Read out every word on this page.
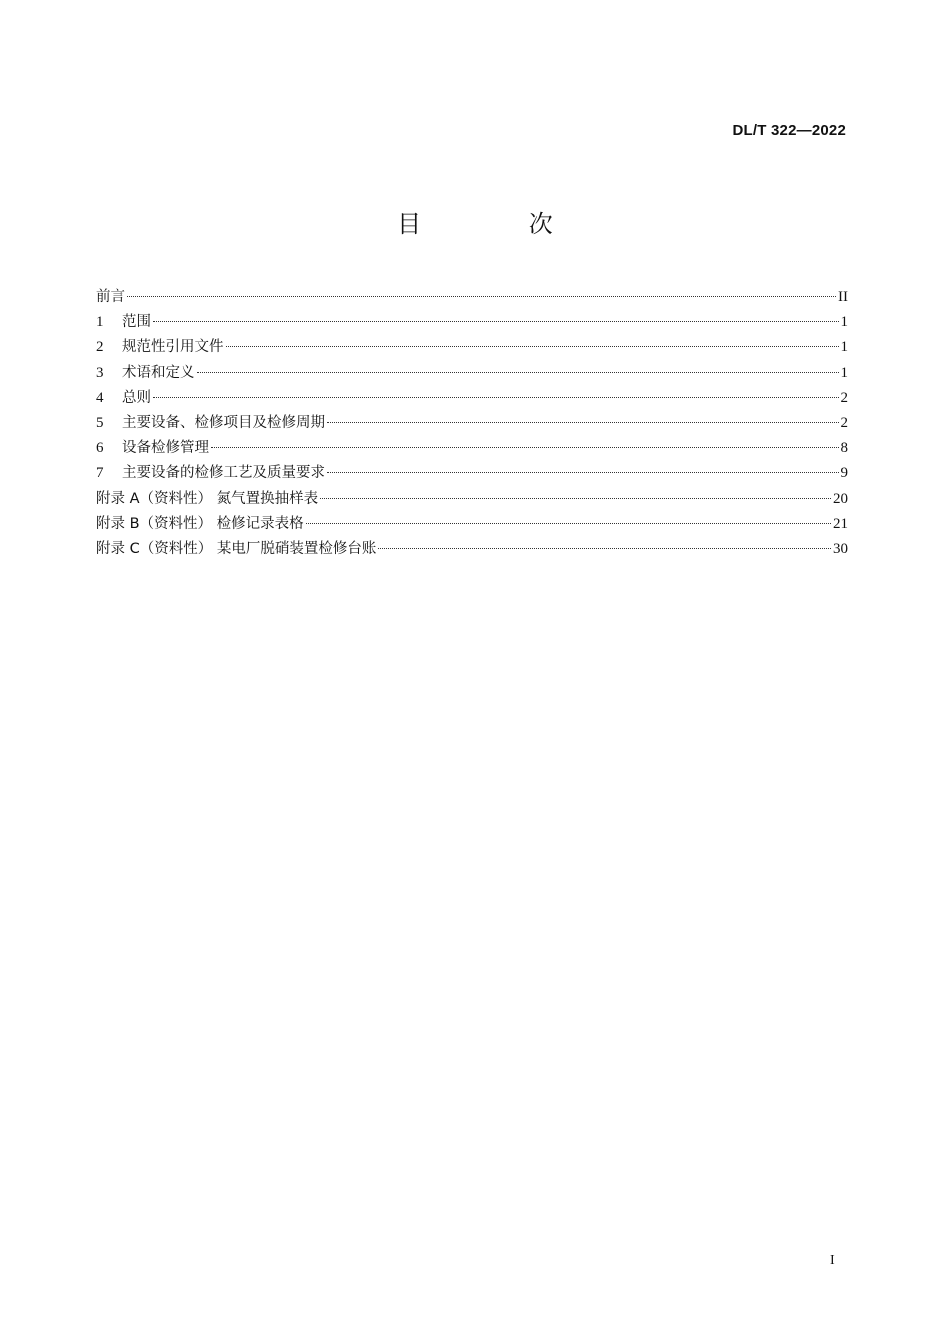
DL/T 322—2022
目 次
前言	II
1	范围	1
2	规范性引用文件	1
3	术语和定义	1
4	总则	2
5	主要设备、检修项目及检修周期	2
6	设备检修管理	8
7	主要设备的检修工艺及质量要求	9
附录 A（资料性） 氮气置换抽样表	20
附录 B（资料性） 检修记录表格	21
附录 C（资料性） 某电厂脱硝装置检修台账	30
I
